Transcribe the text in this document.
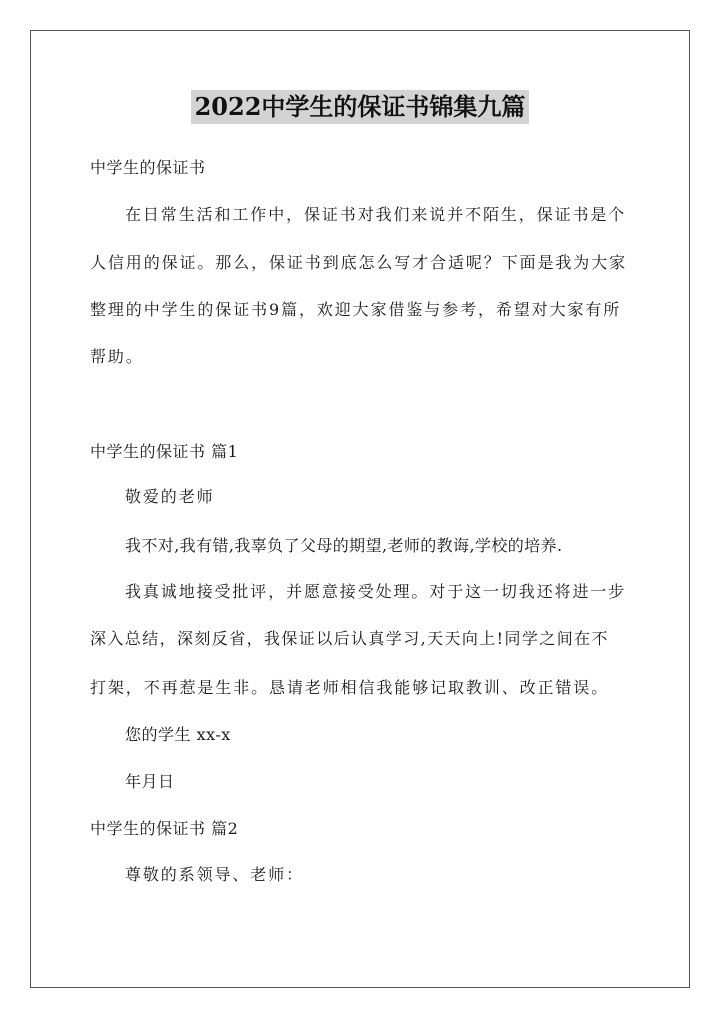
2022中学生的保证书锦集九篇
中学生的保证书
在日常生活和工作中，保证书对我们来说并不陌生，保证书是个
人信用的保证。那么，保证书到底怎么写才合适呢？下面是我为大家
整理的中学生的保证书9篇，欢迎大家借鉴与参考，希望对大家有所
帮助。
中学生的保证书 篇1
敬爱的老师
我不对,我有错,我辜负了父母的期望,老师的教诲,学校的培养.
我真诚地接受批评，并愿意接受处理。对于这一切我还将进一步
深入总结，深刻反省，我保证以后认真学习,天天向上!同学之间在不
打架，不再惹是生非。恳请老师相信我能够记取教训、改正错误。
您的学生 xx-x
年月日
中学生的保证书 篇2
尊敬的系领导、老师：
